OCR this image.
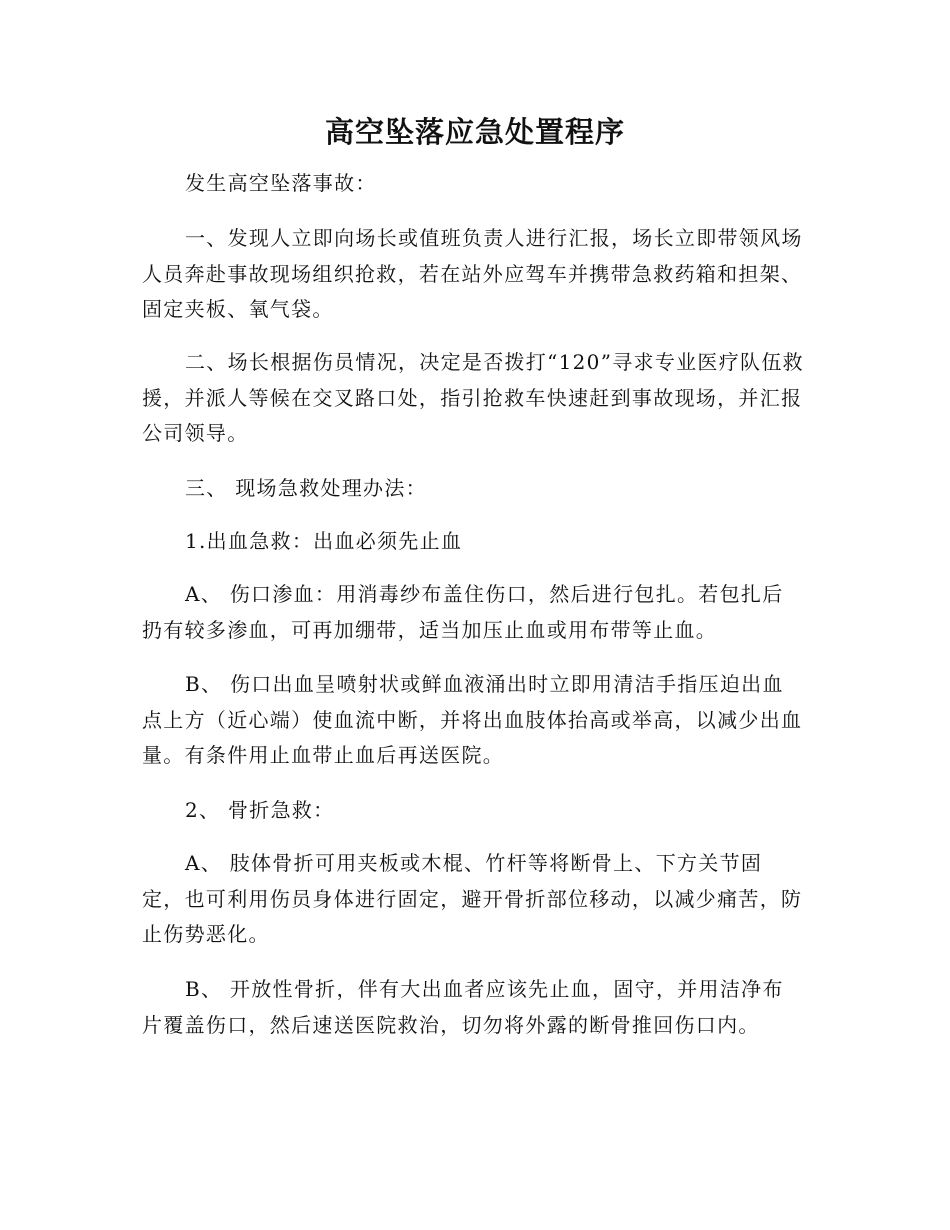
高空坠落应急处置程序

发生高空坠落事故：

一、发现人立即向场长或值班负责人进行汇报，场长立即带领风场人员奔赴事故现场组织抢救，若在站外应驾车并携带急救药箱和担架、固定夹板、氧气袋。

二、场长根据伤员情况，决定是否拨打“120”寻求专业医疗队伍救援，并派人等候在交叉路口处，指引抢救车快速赶到事故现场，并汇报公司领导。

三、 现场急救处理办法：

1.出血急救：出血必须先止血

A、 伤口渗血：用消毒纱布盖住伤口，然后进行包扎。若包扎后扔有较多渗血，可再加绷带，适当加压止血或用布带等止血。

B、 伤口出血呈喷射状或鲜血液涌出时立即用清洁手指压迫出血点上方（近心端）使血流中断，并将出血肢体抬高或举高，以减少出血量。有条件用止血带止血后再送医院。

2、 骨折急救：

A、 肢体骨折可用夹板或木棍、竹杆等将断骨上、下方关节固定，也可利用伤员身体进行固定，避开骨折部位移动，以减少痛苦，防止伤势恶化。

B、 开放性骨折，伴有大出血者应该先止血，固守，并用洁净布片覆盖伤口，然后速送医院救治，切勿将外露的断骨推回伤口内。
